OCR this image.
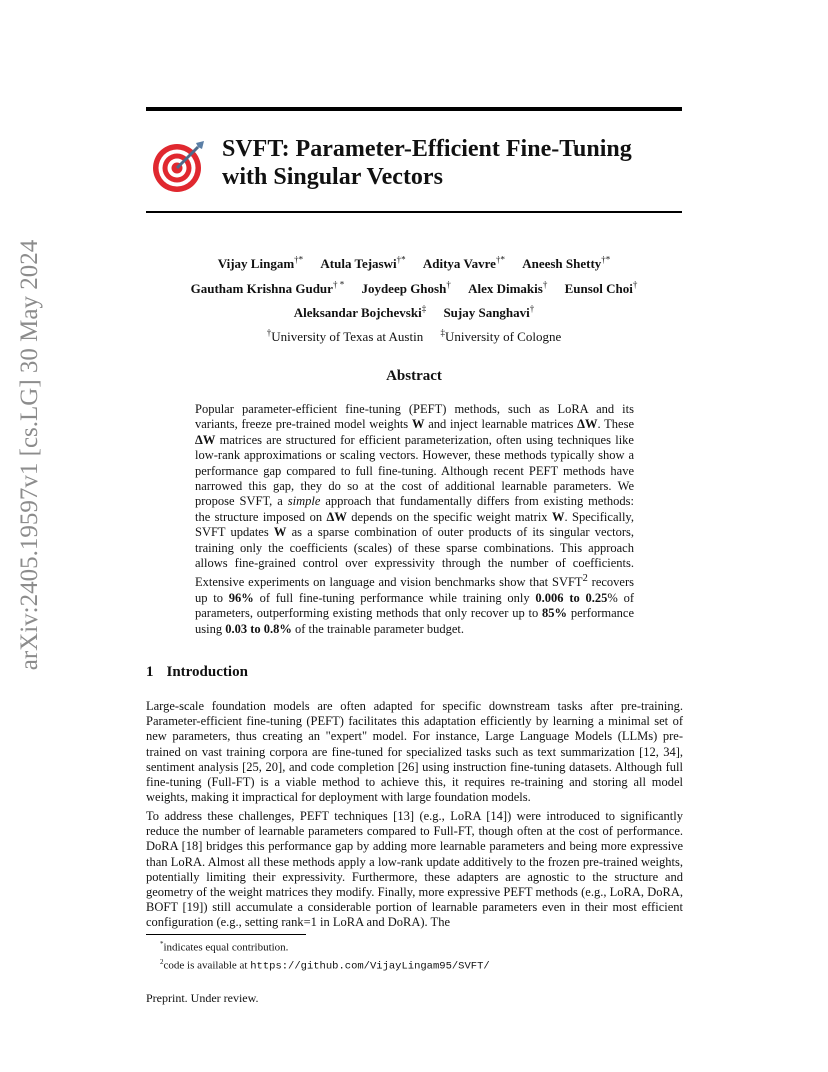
arXiv:2405.19597v1 [cs.LG] 30 May 2024
SVFT: Parameter-Efficient Fine-Tuning
with Singular Vectors
Vijay Lingam†* Atula Tejaswi†* Aditya Vavre†* Aneesh Shetty†*
Gautham Krishna Gudur† * Joydeep Ghosh† Alex Dimakis† Eunsol Choi†
Aleksandar Bojchevski‡ Sujay Sanghavi†
†University of Texas at Austin ‡University of Cologne
Abstract

Popular parameter-efficient fine-tuning (PEFT) methods, such as LoRA and its variants, freeze pre-trained model weights W and inject learnable matrices ΔW. These ΔW matrices are structured for efficient parameterization, often using techniques like low-rank approximations or scaling vectors. However, these methods typically show a performance gap compared to full fine-tuning. Although recent PEFT methods have narrowed this gap, they do so at the cost of additional learnable parameters. We propose SVFT, a simple approach that fundamentally differs from existing methods: the structure imposed on ΔW depends on the specific weight matrix W. Specifically, SVFT updates W as a sparse combination of outer products of its singular vectors, training only the coefficients (scales) of these sparse combinations. This approach allows fine-grained control over expressivity through the number of coefficients. Extensive experiments on language and vision benchmarks show that SVFT$^2$ recovers up to 96% of full fine-tuning performance while training only 0.006 to 0.25% of parameters, outperforming existing methods that only recover up to 85% performance using 0.03 to 0.8% of the trainable parameter budget.

1 Introduction

Large-scale foundation models are often adapted for specific downstream tasks after pre-training. Parameter-efficient fine-tuning (PEFT) facilitates this adaptation efficiently by learning a minimal set of new parameters, thus creating an "expert" model. For instance, Large Language Models (LLMs) pre-trained on vast training corpora are fine-tuned for specialized tasks such as text summarization [12, 34], sentiment analysis [25, 20], and code completion [26] using instruction fine-tuning datasets. Although full fine-tuning (Full-FT) is a viable method to achieve this, it requires re-training and storing all model weights, making it impractical for deployment with large foundation models.

To address these challenges, PEFT techniques [13] (e.g., LoRA [14]) were introduced to significantly reduce the number of learnable parameters compared to Full-FT, though often at the cost of performance. DoRA [18] bridges this performance gap by adding more learnable parameters and being more expressive than LoRA. Almost all these methods apply a low-rank update additively to the frozen pre-trained weights, potentially limiting their expressivity. Furthermore, these adapters are agnostic to the structure and geometry of the weight matrices they modify. Finally, more expressive PEFT methods (e.g., LoRA, DoRA, BOFT [19]) still accumulate a considerable portion of learnable parameters even in their most efficient configuration (e.g., setting rank=1 in LoRA and DoRA). The

*indicates equal contribution.
$^2$code is available at https://github.com/VijayLingam95/SVFT/
Preprint. Under review.
